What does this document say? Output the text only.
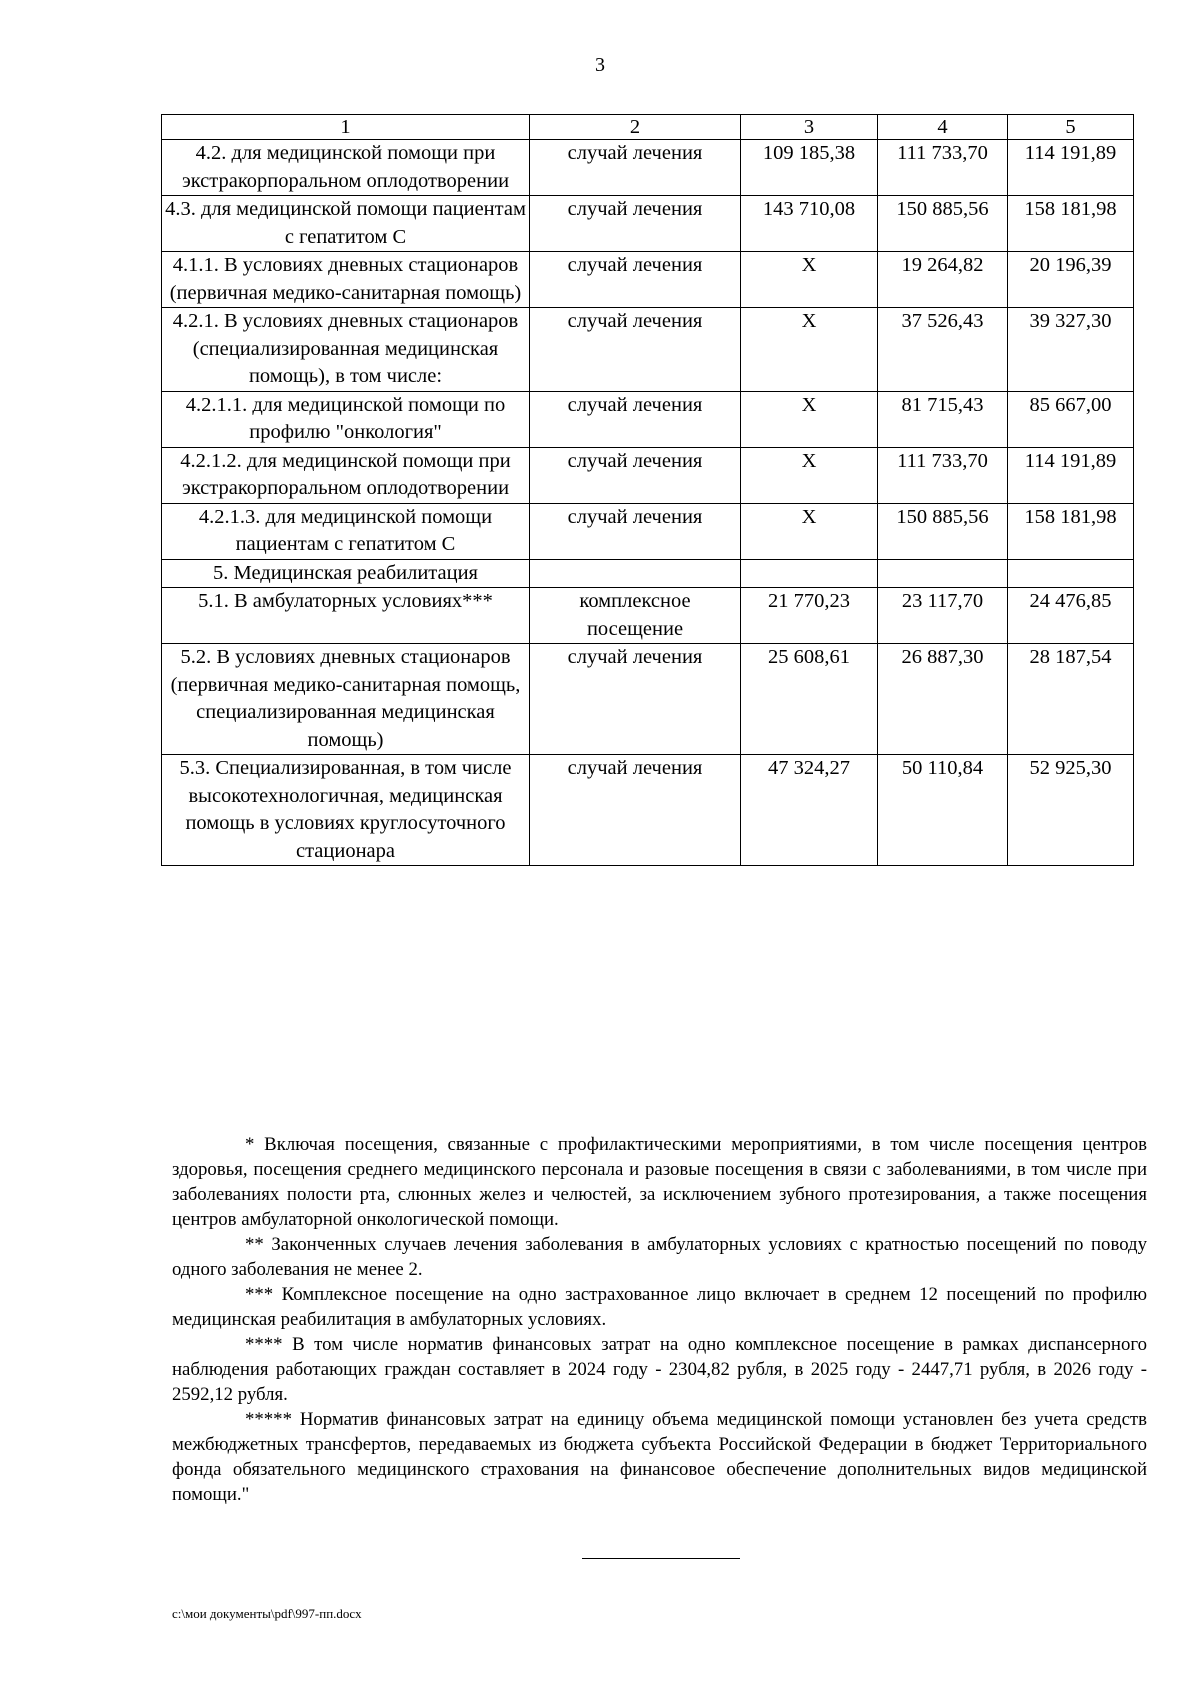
3
1	2	3	4	5
4.2. для медицинской помощи при экстракорпоральном оплодотворении	случай лечения	109 185,38	111 733,70	114 191,89
4.3. для медицинской помощи пациентам с гепатитом С	случай лечения	143 710,08	150 885,56	158 181,98
4.1.1. В условиях дневных стационаров (первичная медико-санитарная помощь)	случай лечения	Х	19 264,82	20 196,39
4.2.1. В условиях дневных стационаров (специализированная медицинская помощь), в том числе:	случай лечения	Х	37 526,43	39 327,30
4.2.1.1. для медицинской помощи по профилю "онкология"	случай лечения	Х	81 715,43	85 667,00
4.2.1.2. для медицинской помощи при экстракорпоральном оплодотворении	случай лечения	Х	111 733,70	114 191,89
4.2.1.3. для медицинской помощи пациентам с гепатитом С	случай лечения	Х	150 885,56	158 181,98
5. Медицинская реабилитация				
5.1. В амбулаторных условиях***	комплексное посещение	21 770,23	23 117,70	24 476,85
5.2. В условиях дневных стационаров (первичная медико-санитарная помощь, специализированная медицинская помощь)	случай лечения	25 608,61	26 887,30	28 187,54
5.3. Специализированная, в том числе высокотехнологичная, медицинская помощь в условиях круглосуточного стационара	случай лечения	47 324,27	50 110,84	52 925,30

* Включая посещения, связанные с профилактическими мероприятиями, в том числе посещения центров здоровья, посещения среднего медицинского персонала и разовые посещения в связи с заболеваниями, в том числе при заболеваниях полости рта, слюнных желез и челюстей, за исключением зубного протезирования, а также посещения центров амбулаторной онкологической помощи.

** Законченных случаев лечения заболевания в амбулаторных условиях с кратностью посещений по поводу одного заболевания не менее 2.

*** Комплексное посещение на одно застрахованное лицо включает в среднем 12 посещений по профилю медицинская реабилитация в амбулаторных условиях.

**** В том числе норматив финансовых затрат на одно комплексное посещение в рамках диспансерного наблюдения работающих граждан составляет в 2024 году - 2304,82 рубля, в 2025 году - 2447,71 рубля, в 2026 году - 2592,12 рубля.

***** Норматив финансовых затрат на единицу объема медицинской помощи установлен без учета средств межбюджетных трансфертов, передаваемых из бюджета субъекта Российской Федерации в бюджет Территориального фонда обязательного медицинского страхования на финансовое обеспечение дополнительных видов медицинской помощи."

c:\мои документы\pdf\997-пп.docx
